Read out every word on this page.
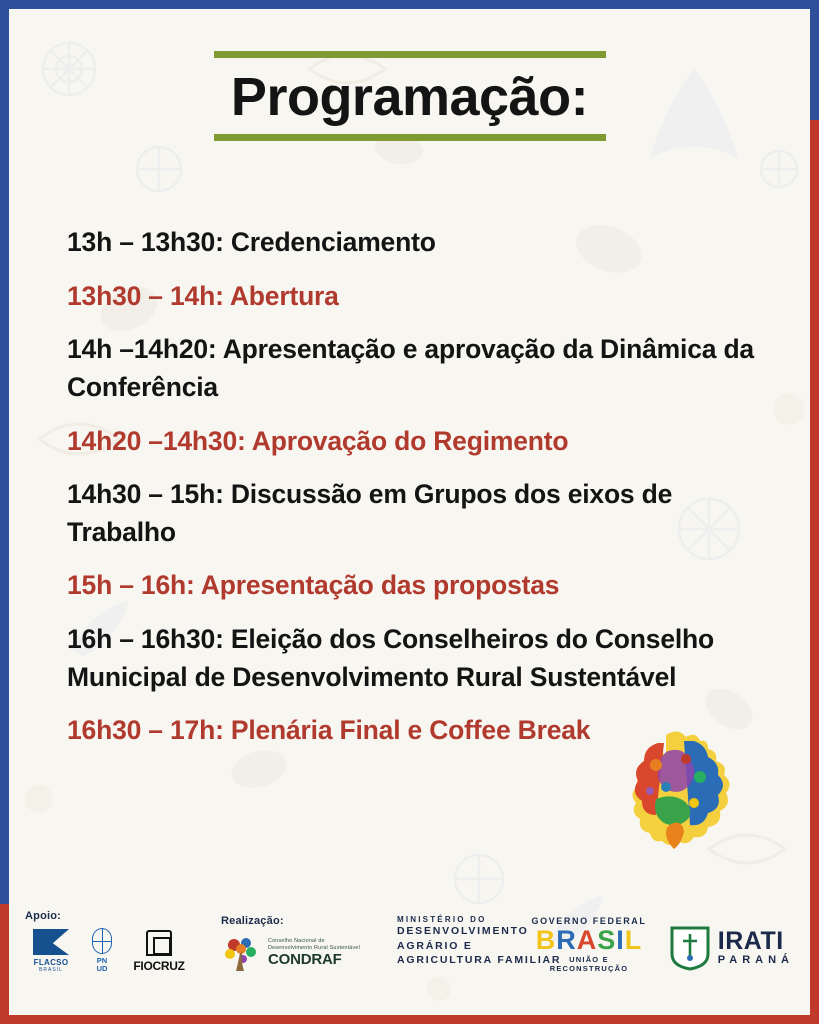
Programação:
13h – 13h30: Credenciamento
13h30 – 14h: Abertura
14h –14h20: Apresentação e aprovação da Dinâmica da Conferência
14h20 –14h30: Aprovação do Regimento
14h30 – 15h: Discussão em Grupos dos eixos de Trabalho
15h – 16h: Apresentação das propostas
16h – 16h30: Eleição dos Conselheiros do Conselho Municipal de Desenvolvimento Rural Sustentável
16h30 – 17h: Plenária Final e Coffee Break
Apoio:
FLACSO
BRASIL
PN
UD	FIOCRUZ
Realização:
Conselho Nacional de
Desenvolvimento Rural Sustentável
CONDRAF
MINISTÉRIO DO
DESENVOLVIMENTO
AGRÁRIO E
AGRICULTURA FAMILIAR
GOVERNO FEDERAL
BRASIL
UNIÃO E RECONSTRUÇÃO
IRATI
PARANÁ
